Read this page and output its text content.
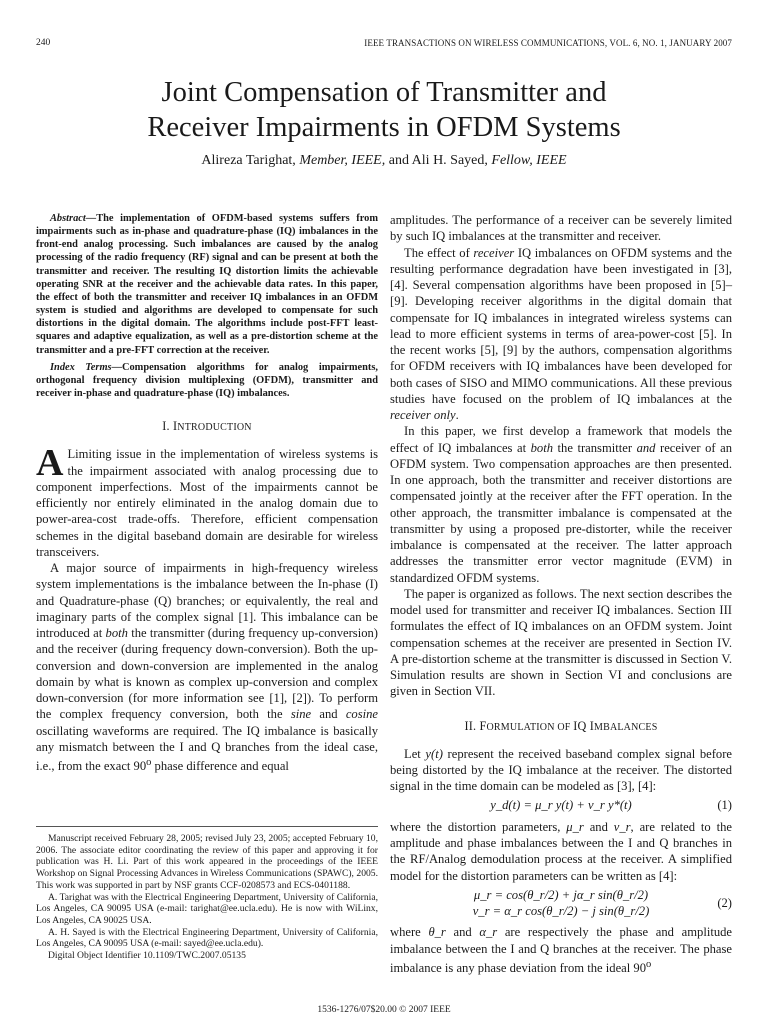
240	IEEE TRANSACTIONS ON WIRELESS COMMUNICATIONS, VOL. 6, NO. 1, JANUARY 2007
Joint Compensation of Transmitter and
Receiver Impairments in OFDM Systems
Alireza Tarighat, Member, IEEE, and Ali H. Sayed, Fellow, IEEE

Abstract—The implementation of OFDM-based systems suffers from impairments such as in-phase and quadrature-phase (IQ) imbalances in the front-end analog processing. Such imbalances are caused by the analog processing of the radio frequency (RF) signal and can be present at both the transmitter and receiver. The resulting IQ distortion limits the achievable operating SNR at the receiver and the achievable data rates. In this paper, the effect of both the transmitter and receiver IQ imbalances in an OFDM system is studied and algorithms are developed to compensate for such distortions in the digital domain. The algorithms include post-FFT least-squares and adaptive equalization, as well as a pre-distortion scheme at the transmitter and a pre-FFT correction at the receiver.

Index Terms—Compensation algorithms for analog impairments, orthogonal frequency division multiplexing (OFDM), transmitter and receiver in-phase and quadrature-phase (IQ) imbalances.

I. INTRODUCTION

A Limiting issue in the implementation of wireless systems is the impairment associated with analog processing due to component imperfections. Most of the impairments cannot be efficiently nor entirely eliminated in the analog domain due to power-area-cost trade-offs. Therefore, efficient compensation schemes in the digital baseband domain are desirable for wireless transceivers.

A major source of impairments in high-frequency wireless system implementations is the imbalance between the In-phase (I) and Quadrature-phase (Q) branches; or equivalently, the real and imaginary parts of the complex signal [1]. This imbalance can be introduced at both the transmitter (during frequency up-conversion) and the receiver (during frequency down-conversion). Both the up-conversion and down-conversion are implemented in the analog domain by what is known as complex up-conversion and complex down-conversion (for more information see [1], [2]). To perform the complex frequency conversion, both the sine and cosine oscillating waveforms are required. The IQ imbalance is basically any mismatch between the I and Q branches from the ideal case, i.e., from the exact 90$^o$ phase difference and equal

Manuscript received February 28, 2005; revised July 23, 2005; accepted February 10, 2006. The associate editor coordinating the review of this paper and approving it for publication was H. Li. Part of this work appeared in the proceedings of the IEEE Workshop on Signal Processing Advances in Wireless Communications (SPAWC), 2005. This work was supported in part by NSF grants CCF-0208573 and ECS-0401188.

A. Tarighat was with the Electrical Engineering Department, University of California, Los Angeles, CA 90095 USA (e-mail: tarighat@ee.ucla.edu). He is now with WiLinx, Los Angeles, CA 90025 USA.

A. H. Sayed is with the Electrical Engineering Department, University of California, Los Angeles, CA 90095 USA (e-mail: sayed@ee.ucla.edu).

Digital Object Identifier 10.1109/TWC.2007.05135

amplitudes. The performance of a receiver can be severely limited by such IQ imbalances at the transmitter and receiver.

The effect of receiver IQ imbalances on OFDM systems and the resulting performance degradation have been investigated in [3], [4]. Several compensation algorithms have been proposed in [5]–[9]. Developing receiver algorithms in the digital domain that compensate for IQ imbalances in integrated wireless systems can lead to more efficient systems in terms of area-power-cost [5]. In the recent works [5], [9] by the authors, compensation algorithms for OFDM receivers with IQ imbalances have been developed for both cases of SISO and MIMO communications. All these previous studies have focused on the problem of IQ imbalances at the receiver only.

In this paper, we first develop a framework that models the effect of IQ imbalances at both the transmitter and receiver of an OFDM system. Two compensation approaches are then presented. In one approach, both the transmitter and receiver distortions are compensated jointly at the receiver after the FFT operation. In the other approach, the transmitter imbalance is compensated at the transmitter by using a proposed pre-distorter, while the receiver imbalance is compensated at the receiver. The latter approach addresses the transmitter error vector magnitude (EVM) in standardized OFDM systems.

The paper is organized as follows. The next section describes the model used for transmitter and receiver IQ imbalances. Section III formulates the effect of IQ imbalances on an OFDM system. Joint compensation schemes at the receiver are presented in Section IV. A pre-distortion scheme at the transmitter is discussed in Section V. Simulation results are shown in Section VI and conclusions are given in Section VII.

II. FORMULATION OF IQ IMBALANCES

Let y(t) represent the received baseband complex signal before being distorted by the IQ imbalance at the receiver. The distorted signal in the time domain can be modeled as [3], [4]:

y_d(t) = μ_r y(t) + ν_r y*(t)	(1)

where the distortion parameters, μ_r and ν_r, are related to the amplitude and phase imbalances between the I and Q branches in the RF/Analog demodulation process at the receiver. A simplified model for the distortion parameters can be written as [4]:

μ_r = cos(θ_r/2) + jα_r sin(θ_r/2)
ν_r = α_r cos(θ_r/2) − j sin(θ_r/2)
(2)

where θ_r and α_r are respectively the phase and amplitude imbalance between the I and Q branches at the receiver. The phase imbalance is any phase deviation from the ideal 90$^o$

1536-1276/07$20.00 © 2007 IEEE
